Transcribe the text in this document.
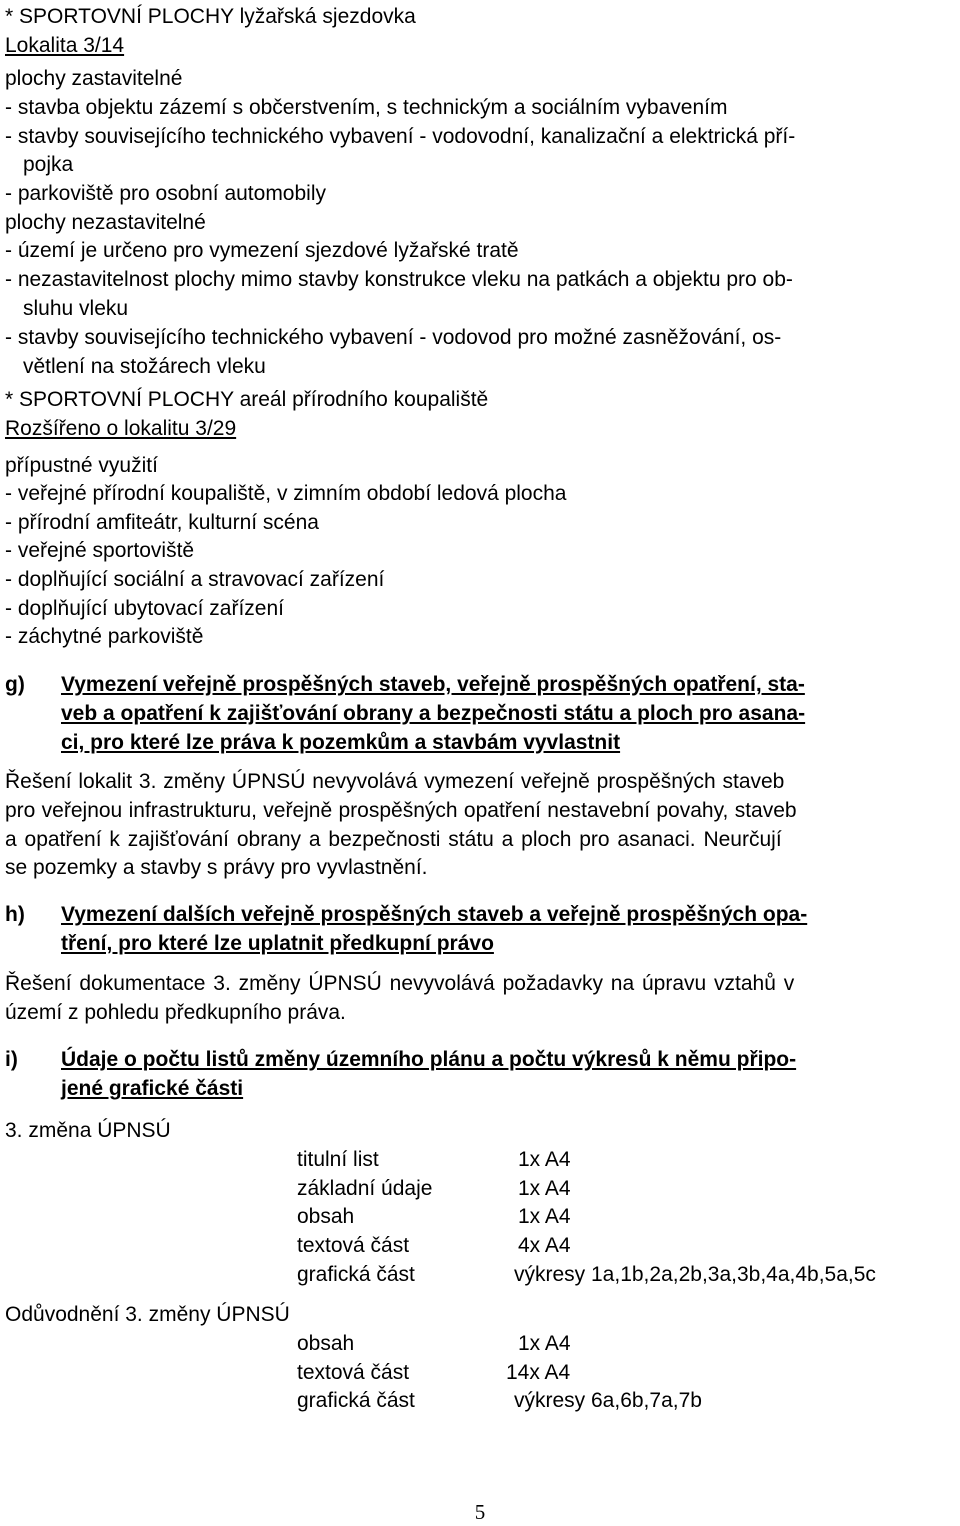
* SPORTOVNÍ PLOCHY lyžařská sjezdovka
Lokalita 3/14
plochy zastavitelné
- stavba objektu zázemí s občerstvením, s technickým a sociálním vybavením
- stavby souvisejícího technického vybavení - vodovodní, kanalizační a elektrická pří-
pojka
- parkoviště pro osobní automobily
plochy nezastavitelné
- území je určeno pro vymezení sjezdové lyžařské tratě
- nezastavitelnost plochy mimo stavby konstrukce vleku na patkách a objektu pro ob-
sluhu vleku
- stavby souvisejícího technického vybavení - vodovod pro možné zasněžování, os-
větlení na stožárech vleku
* SPORTOVNÍ PLOCHY areál přírodního koupaliště
Rozšířeno o lokalitu 3/29
přípustné využití
- veřejné přírodní koupaliště, v zimním období ledová plocha
- přírodní amfiteátr, kulturní scéna
- veřejné sportoviště
- doplňující sociální a stravovací zařízení
- doplňující ubytovací zařízení
- záchytné parkoviště
g) Vymezení veřejně prospěšných staveb, veřejně prospěšných opatření, sta-
veb a opatření k zajišťování obrany a bezpečnosti státu a ploch pro asana-
ci, pro které lze práva k pozemkům a stavbám vyvlastnit
Řešení lokalit 3. změny ÚPNSÚ nevyvolává vymezení veřejně prospěšných staveb
pro veřejnou infrastrukturu, veřejně prospěšných opatření nestavební povahy, staveb
a opatření k zajišťování obrany a bezpečnosti státu a ploch pro asanaci. Neurčují
se pozemky a stavby s právy pro vyvlastnění.
h) Vymezení dalších veřejně prospěšných staveb a veřejně prospěšných opa-
tření, pro které lze uplatnit předkupní právo
Řešení dokumentace 3. změny ÚPNSÚ nevyvolává požadavky na úpravu vztahů v
území z pohledu předkupního práva.
i) Údaje o počtu listů změny územního plánu a počtu výkresů k němu připo-
jené grafické části
3. změna ÚPNSÚ
titulní list	1x A4
základní údaje	1x A4
obsah	1x A4
textová část	4x A4
grafická část	výkresy 1a,1b,2a,2b,3a,3b,4a,4b,5a,5c
Odůvodnění 3. změny ÚPNSÚ
obsah	1x A4
textová část	14x A4
grafická část	výkresy 6a,6b,7a,7b
5
